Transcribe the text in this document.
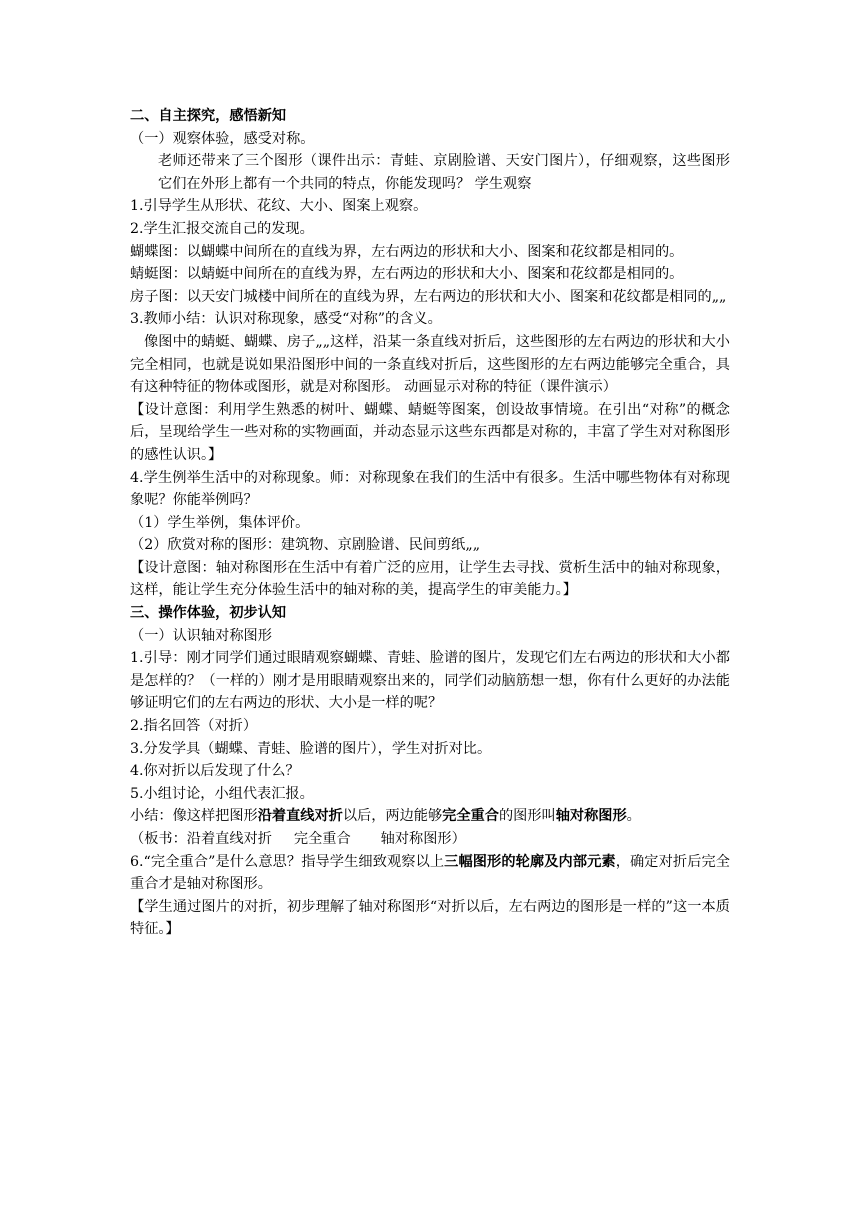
二、自主探究，感悟新知
（一）观察体验，感受对称。
老师还带来了三个图形（课件出示：青蛙、京剧脸谱、天安门图片），仔细观察，这些图形它们在外形上都有一个共同的特点，你能发现吗？ 学生观察
1.引导学生从形状、花纹、大小、图案上观察。
2.学生汇报交流自己的发现。
蝴蝶图：以蝴蝶中间所在的直线为界，左右两边的形状和大小、图案和花纹都是相同的。
蜻蜓图：以蜻蜓中间所在的直线为界，左右两边的形状和大小、图案和花纹都是相同的。
房子图：以天安门城楼中间所在的直线为界，左右两边的形状和大小、图案和花纹都是相同的„„
3.教师小结：认识对称现象，感受“对称”的含义。
像图中的蜻蜓、蝴蝶、房子„„这样，沿某一条直线对折后，这些图形的左右两边的形状和大小完全相同，也就是说如果沿图形中间的一条直线对折后，这些图形的左右两边能够完全重合，具有这种特征的物体或图形，就是对称图形。 动画显示对称的特征（课件演示）
【设计意图：利用学生熟悉的树叶、蝴蝶、蜻蜓等图案，创设故事情境。在引出“对称”的概念后，呈现给学生一些对称的实物画面，并动态显示这些东西都是对称的，丰富了学生对对称图形的感性认识。】
4.学生例举生活中的对称现象。师：对称现象在我们的生活中有很多。生活中哪些物体有对称现象呢？你能举例吗？
（1）学生举例，集体评价。
（2）欣赏对称的图形：建筑物、京剧脸谱、民间剪纸„„
【设计意图：轴对称图形在生活中有着广泛的应用，让学生去寻找、赏析生活中的轴对称现象，这样，能让学生充分体验生活中的轴对称的美，提高学生的审美能力。】
三、操作体验，初步认知
（一）认识轴对称图形
1.引导：刚才同学们通过眼睛观察蝴蝶、青蛙、脸谱的图片，发现它们左右两边的形状和大小都是怎样的？（一样的）刚才是用眼睛观察出来的，同学们动脑筋想一想，你有什么更好的办法能够证明它们的左右两边的形状、大小是一样的呢？
2.指名回答（对折）
3.分发学具（蝴蝶、青蛙、脸谱的图片），学生对折对比。
4.你对折以后发现了什么？
5.小组讨论，小组代表汇报。
小结：像这样把图形沿着直线对折以后，两边能够完全重合的图形叫轴对称图形。
（板书：沿着直线对折 完全重合 轴对称图形）
6.“完全重合”是什么意思？指导学生细致观察以上三幅图形的轮廓及内部元素，确定对折后完全重合才是轴对称图形。
【学生通过图片的对折，初步理解了轴对称图形“对折以后，左右两边的图形是一样的”这一本质特征。】
